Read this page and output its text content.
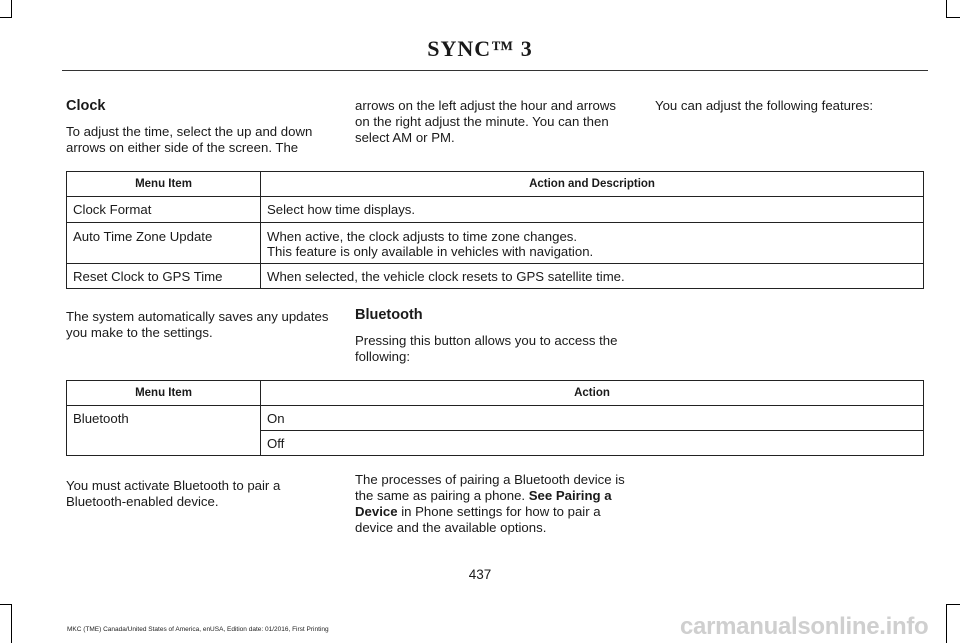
SYNC™ 3

Clock

To adjust the time, select the up and down arrows on either side of the screen. The

arrows on the left adjust the hour and arrows on the right adjust the minute. You can then select AM or PM.

You can adjust the following features:

Menu Item	Action and Description
Clock Format	Select how time displays.

Auto Time Zone Update	When active, the clock adjusts to time zone changes.
This feature is only available in vehicles with navigation.

Reset Clock to GPS Time	When selected, the vehicle clock resets to GPS satellite time.

The system automatically saves any updates you make to the settings.

Bluetooth

Pressing this button allows you to access the following:

Menu Item	Action
Bluetooth	On
	Off

You must activate Bluetooth to pair a Bluetooth-enabled device.

The processes of pairing a Bluetooth device is the same as pairing a phone. See Pairing a Device in Phone settings for how to pair a device and the available options.

437
MKC (TME) Canada/United States of America, enUSA, Edition date: 01/2016, First Printing	carmanualsonline.info
